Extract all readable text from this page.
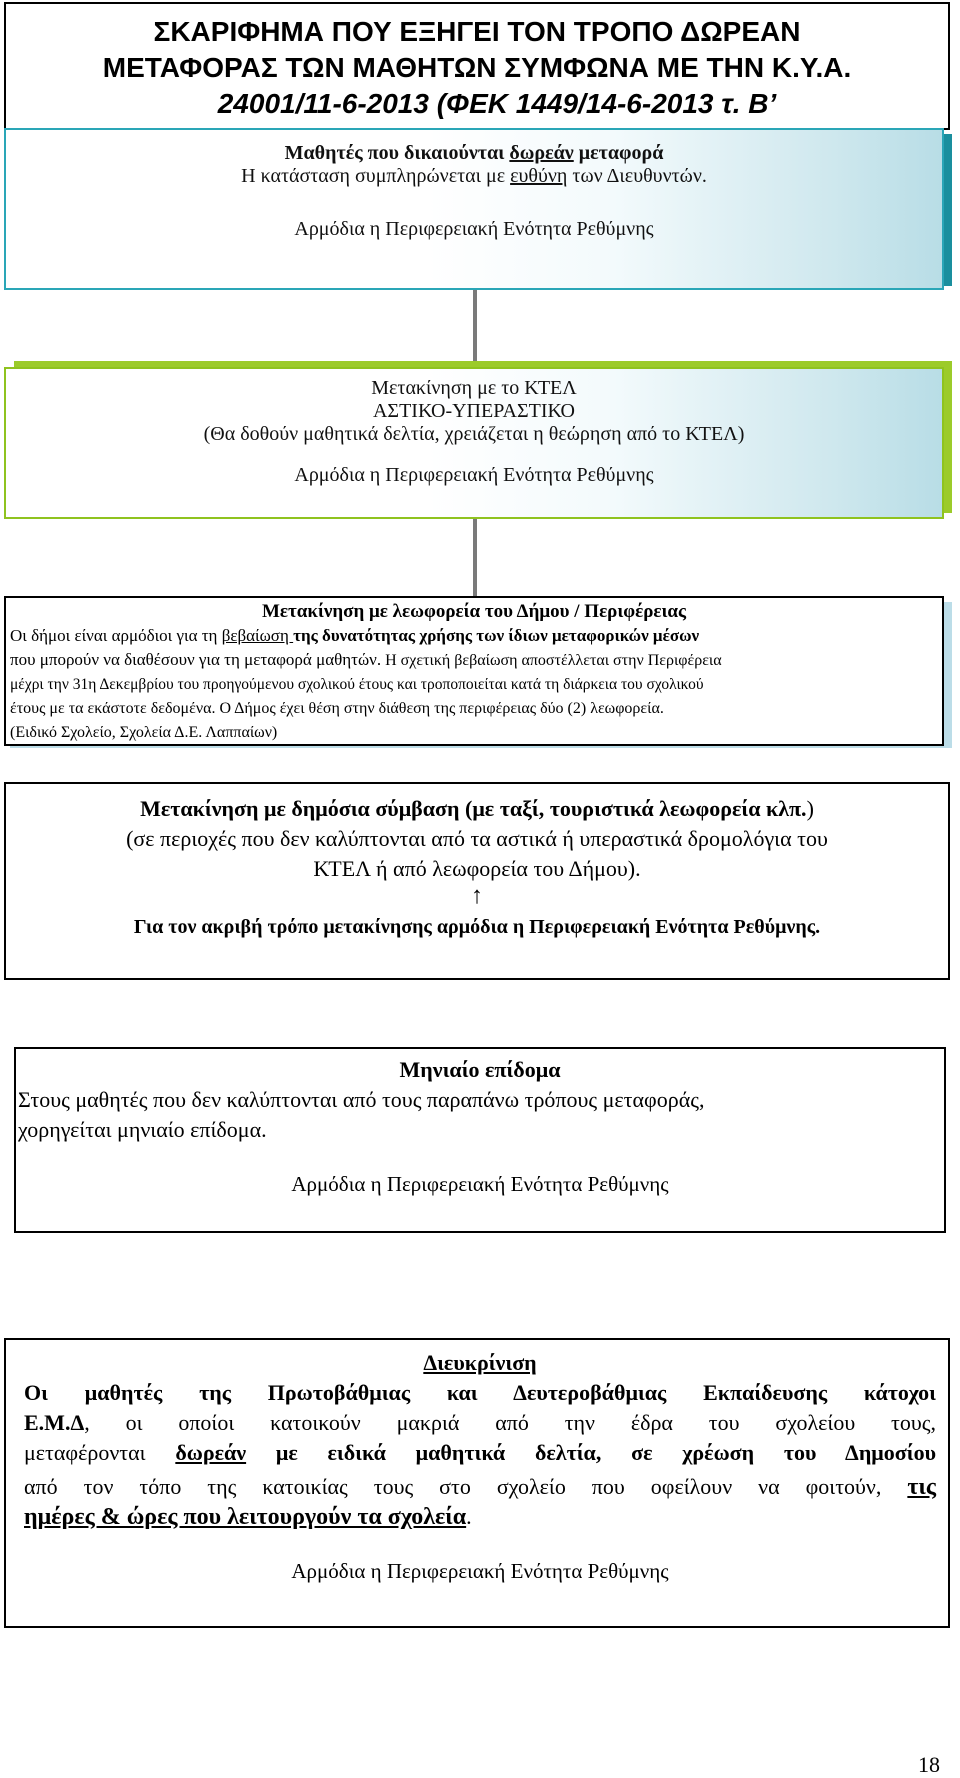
ΣΚΑΡΙΦΗΜΑ ΠΟΥ ΕΞΗΓΕΙ ΤΟΝ ΤΡΟΠΟ ΔΩΡΕΑΝ
ΜΕΤΑΦΟΡΑΣ ΤΩΝ ΜΑΘΗΤΩΝ ΣΥΜΦΩΝΑ ΜΕ ΤΗΝ Κ.Υ.Α.
24001/11-6-2013 (ΦΕΚ 1449/14-6-2013 τ. Β’
Μαθητές που δικαιούνται δωρεάν μεταφορά
Η κατάσταση συμπληρώνεται με ευθύνη των Διευθυντών.
Αρμόδια η Περιφερειακή Ενότητα Ρεθύμνης
Μετακίνηση με το ΚΤΕΛ
ΑΣΤΙΚΟ-ΥΠΕΡΑΣΤΙΚΟ
(Θα δοθούν μαθητικά δελτία, χρειάζεται η θεώρηση από το ΚΤΕΛ)
Αρμόδια η Περιφερειακή Ενότητα Ρεθύμνης
Μετακίνηση με λεωφορεία του Δήμου / Περιφέρειας
Οι δήμοι είναι αρμόδιοι για τη βεβαίωση της δυνατότητας χρήσης των ίδιων μεταφορικών μέσων
που μπορούν να διαθέσουν για τη μεταφορά μαθητών. Η σχετική βεβαίωση αποστέλλεται στην Περιφέρεια
μέχρι την 31η Δεκεμβρίου του προηγούμενου σχολικού έτους και τροποποιείται κατά τη διάρκεια του σχολικού
έτους με τα εκάστοτε δεδομένα. Ο Δήμος έχει θέση στην διάθεση της περιφέρειας δύο (2) λεωφορεία.
(Ειδικό Σχολείο, Σχολεία Δ.Ε. Λαππαίων)
Μετακίνηση με δημόσια σύμβαση (με ταξί, τουριστικά λεωφορεία κλπ.)
(σε περιοχές που δεν καλύπτονται από τα αστικά ή υπεραστικά δρομολόγια του
ΚΤΕΛ ή από λεωφορεία του Δήμου).
↑
Για τον ακριβή τρόπο μετακίνησης αρμόδια η Περιφερειακή Ενότητα Ρεθύμνης.
Μηνιαίο επίδομα
Στους μαθητές που δεν καλύπτονται από τους παραπάνω τρόπους μεταφοράς,
χορηγείται μηνιαίο επίδομα.
Αρμόδια η Περιφερειακή Ενότητα Ρεθύμνης
Διευκρίνιση
Οι μαθητές της Πρωτοβάθμιας και Δευτεροβάθμιας Εκπαίδευσης κάτοχοι
Ε.Μ.Δ, οι οποίοι κατοικούν μακριά από την έδρα του σχολείου τους,
μεταφέρονται δωρεάν με ειδικά μαθητικά δελτία, σε χρέωση του Δημοσίου
από τον τόπο της κατοικίας τους στο σχολείο που οφείλουν να φοιτούν, τις
ημέρες & ώρες που λειτουργούν τα σχολεία.
Αρμόδια η Περιφερειακή Ενότητα Ρεθύμνης
18
